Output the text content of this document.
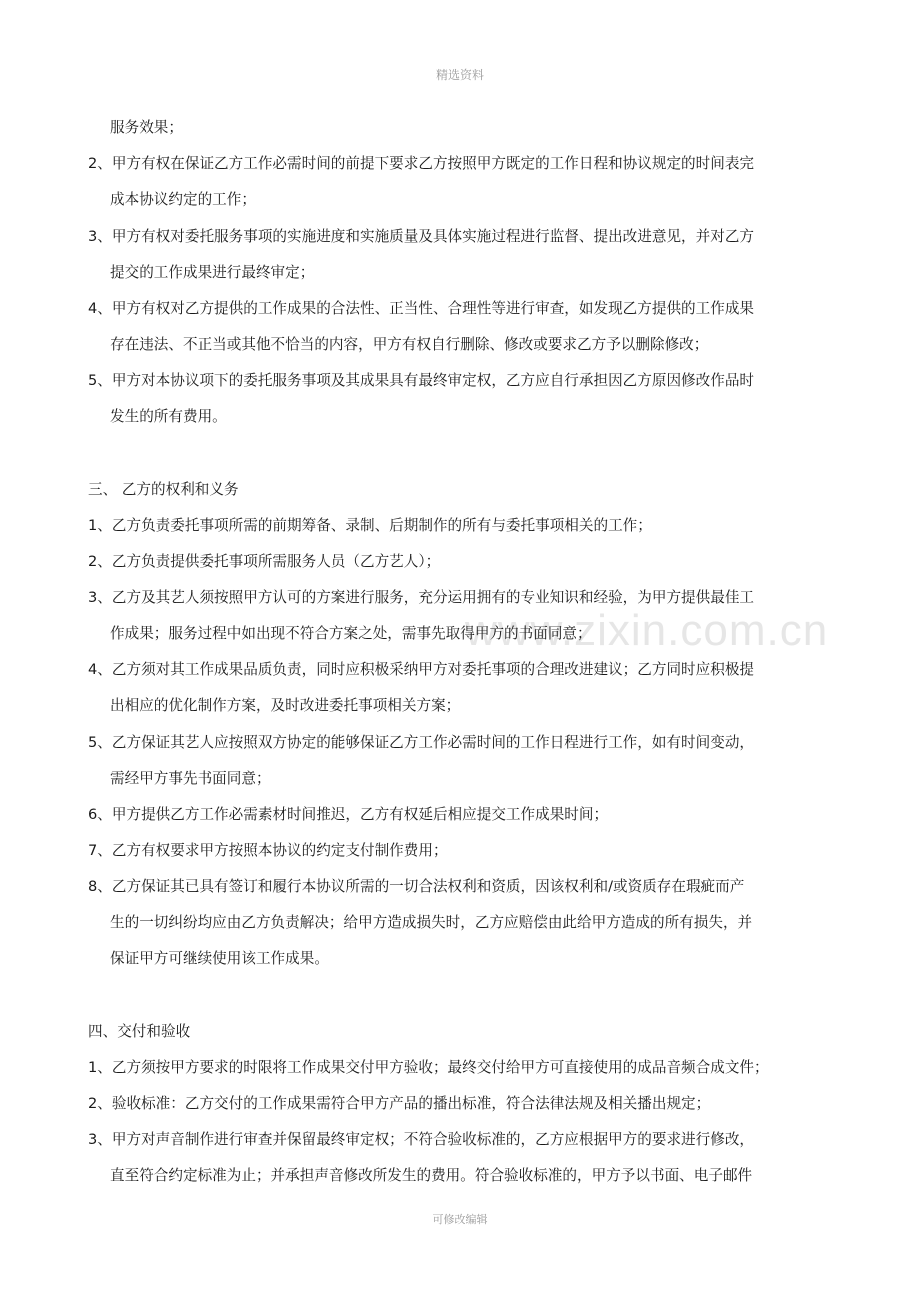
精选资料
www.zixin.com.cn
服务效果；
2、甲方有权在保证乙方工作必需时间的前提下要求乙方按照甲方既定的工作日程和协议规定的时间表完
成本协议约定的工作；
3、甲方有权对委托服务事项的实施进度和实施质量及具体实施过程进行监督、提出改进意见，并对乙方
提交的工作成果进行最终审定；
4、甲方有权对乙方提供的工作成果的合法性、正当性、合理性等进行审查，如发现乙方提供的工作成果
存在违法、不正当或其他不恰当的内容，甲方有权自行删除、修改或要求乙方予以删除修改；
5、甲方对本协议项下的委托服务事项及其成果具有最终审定权，乙方应自行承担因乙方原因修改作品时
发生的所有费用。
三、 乙方的权利和义务
1、乙方负责委托事项所需的前期筹备、录制、后期制作的所有与委托事项相关的工作；
2、乙方负责提供委托事项所需服务人员（乙方艺人）；
3、乙方及其艺人须按照甲方认可的方案进行服务，充分运用拥有的专业知识和经验，为甲方提供最佳工
作成果；服务过程中如出现不符合方案之处，需事先取得甲方的书面同意；
4、乙方须对其工作成果品质负责，同时应积极采纳甲方对委托事项的合理改进建议；乙方同时应积极提
出相应的优化制作方案，及时改进委托事项相关方案；
5、乙方保证其艺人应按照双方协定的能够保证乙方工作必需时间的工作日程进行工作，如有时间变动，
需经甲方事先书面同意；
6、甲方提供乙方工作必需素材时间推迟，乙方有权延后相应提交工作成果时间；
7、乙方有权要求甲方按照本协议的约定支付制作费用；
8、乙方保证其已具有签订和履行本协议所需的一切合法权利和资质，因该权利和/或资质存在瑕疵而产
生的一切纠纷均应由乙方负责解决；给甲方造成损失时，乙方应赔偿由此给甲方造成的所有损失，并
保证甲方可继续使用该工作成果。
四、交付和验收
1、乙方须按甲方要求的时限将工作成果交付甲方验收；最终交付给甲方可直接使用的成品音频合成文件；
2、验收标准：乙方交付的工作成果需符合甲方产品的播出标准，符合法律法规及相关播出规定；
3、甲方对声音制作进行审查并保留最终审定权；不符合验收标准的，乙方应根据甲方的要求进行修改，
直至符合约定标准为止；并承担声音修改所发生的费用。符合验收标准的，甲方予以书面、电子邮件
可修改编辑
